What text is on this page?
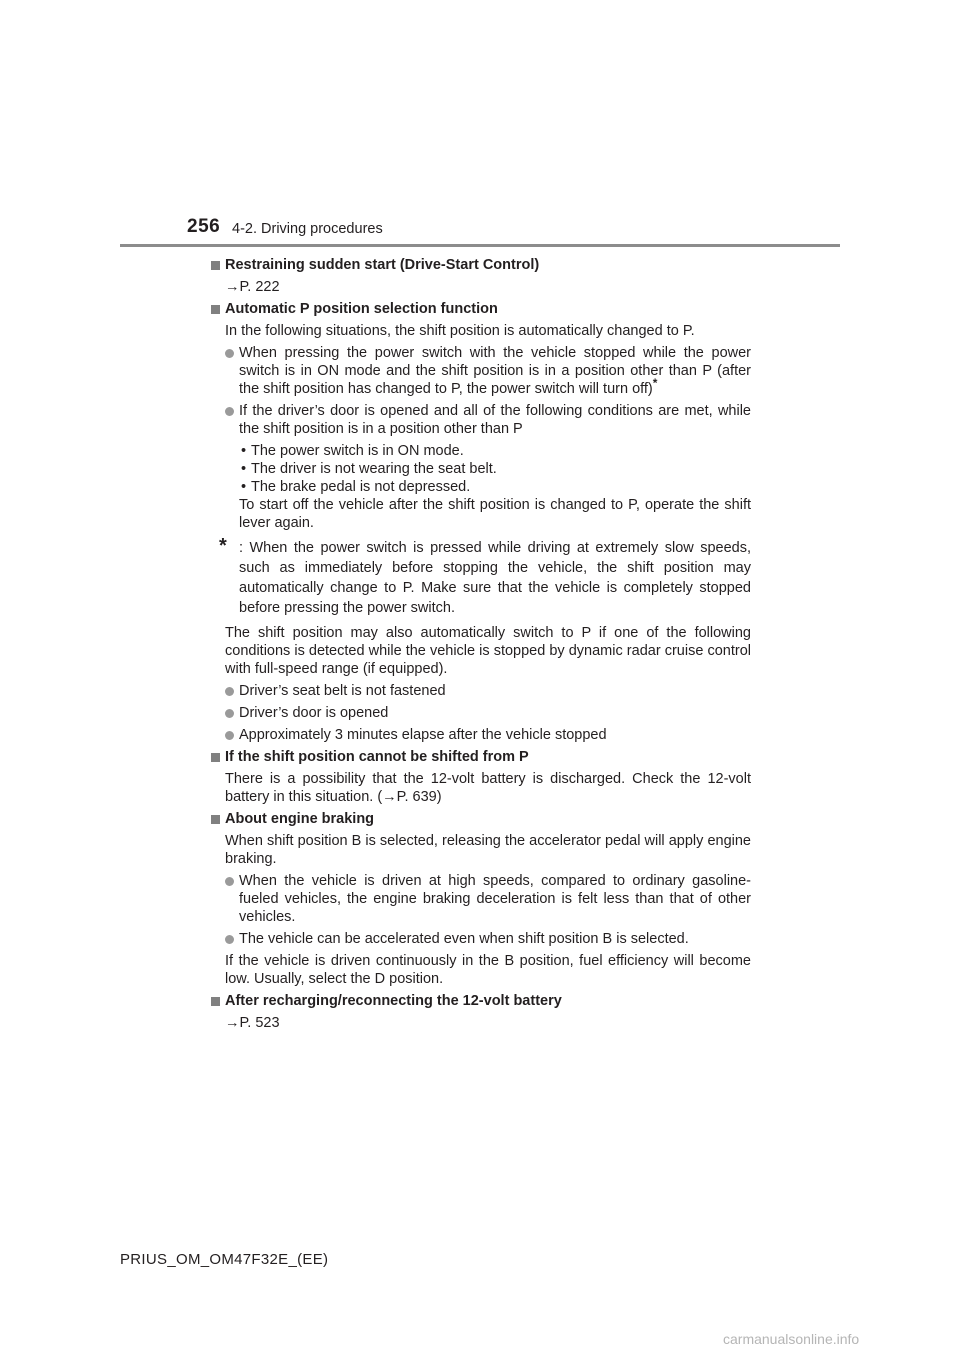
256 4-2. Driving procedures
Restraining sudden start (Drive-Start Control)
→P. 222
Automatic P position selection function
In the following situations, the shift position is automatically changed to P.
When pressing the power switch with the vehicle stopped while the power switch is in ON mode and the shift position is in a position other than P (after the shift position has changed to P, the power switch will turn off)*
If the driver’s door is opened and all of the following conditions are met, while the shift position is in a position other than P
• The power switch is in ON mode.
• The driver is not wearing the seat belt.
• The brake pedal is not depressed.
To start off the vehicle after the shift position is changed to P, operate the shift lever again.
* : When the power switch is pressed while driving at extremely slow speeds, such as immediately before stopping the vehicle, the shift position may automatically change to P. Make sure that the vehicle is completely stopped before pressing the power switch.
The shift position may also automatically switch to P if one of the following conditions is detected while the vehicle is stopped by dynamic radar cruise control with full-speed range (if equipped).
Driver’s seat belt is not fastened
Driver’s door is opened
Approximately 3 minutes elapse after the vehicle stopped
If the shift position cannot be shifted from P
There is a possibility that the 12-volt battery is discharged. Check the 12-volt battery in this situation. (→P. 639)
About engine braking
When shift position B is selected, releasing the accelerator pedal will apply engine braking.
When the vehicle is driven at high speeds, compared to ordinary gasoline-fueled vehicles, the engine braking deceleration is felt less than that of other vehicles.
The vehicle can be accelerated even when shift position B is selected.
If the vehicle is driven continuously in the B position, fuel efficiency will become low. Usually, select the D position.
After recharging/reconnecting the 12-volt battery
→P. 523
PRIUS_OM_OM47F32E_(EE)
carmanualsonline.info
